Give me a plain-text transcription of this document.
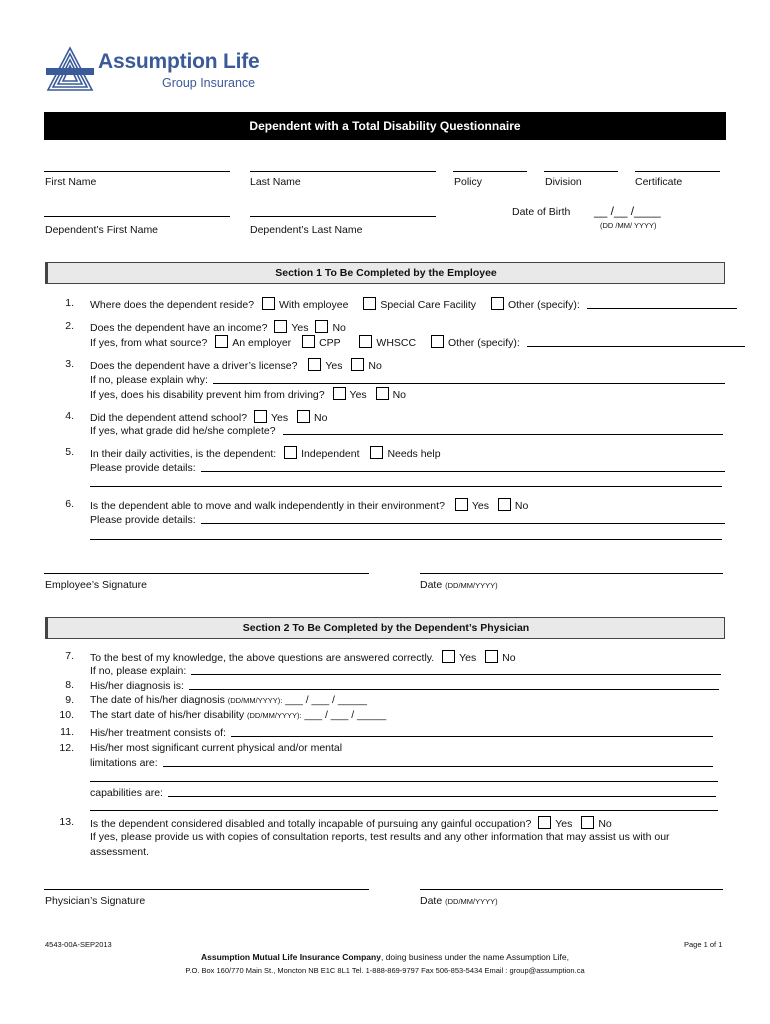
Assumption Life
Group Insurance
Dependent with a Total Disability Questionnaire
First Name	Last Name	Policy	Division	Certificate
Dependent’s First Name	Dependent’s Last Name
Date of Birth __ /__ /____
(DD /MM/ YYYY)
Section 1 To Be Completed by the Employee
1. Where does the dependent reside? With employee	Special Care Facility	Other (specify):
2. Does the dependent have an income? Yes No
If yes, from what source? An employer	CPP	WHSCC	Other (specify):
3. Does the dependent have a driver’s license?	Yes No
If no, please explain why:
If yes, does his disability prevent him from driving? Yes No
4. Did the dependent attend school? Yes No
If yes, what grade did he/she complete?
5. In their daily activities, is the dependent: Independent	Needs help
Please provide details:
6. Is the dependent able to move and walk independently in their environment?	Yes No
Please provide details:
Employee’s Signature	Date (DD/MM/YYYY)
Section 2 To Be Completed by the Dependent’s Physician
7. To the best of my knowledge, the above questions are answered correctly. Yes No
If no, please explain:
8. His/her diagnosis is:
9. The date of his/her diagnosis (DD/MM/YYYY): ___ / ___ / _____
10. The start date of his/her disability (DD/MM/YYYY): ___ / ___ / _____
11. His/her treatment consists of:
12. His/her most significant current physical and/or mental
limitations are:
capabilities are:
13. Is the dependent considered disabled and totally incapable of pursuing any gainful occupation? Yes No
If yes, please provide us with copies of consultation reports, test results and any other information that may assist us with our
assessment.
Physician’s Signature	Date (DD/MM/YYYY)
4543-00A-SEP2013	Page 1 of 1
Assumption Mutual Life Insurance Company, doing business under the name Assumption Life,
P.O. Box 160/770 Main St., Moncton NB E1C 8L1 Tel. 1-888-869-9797 Fax 506-853-5434 Email : group@assumption.ca
